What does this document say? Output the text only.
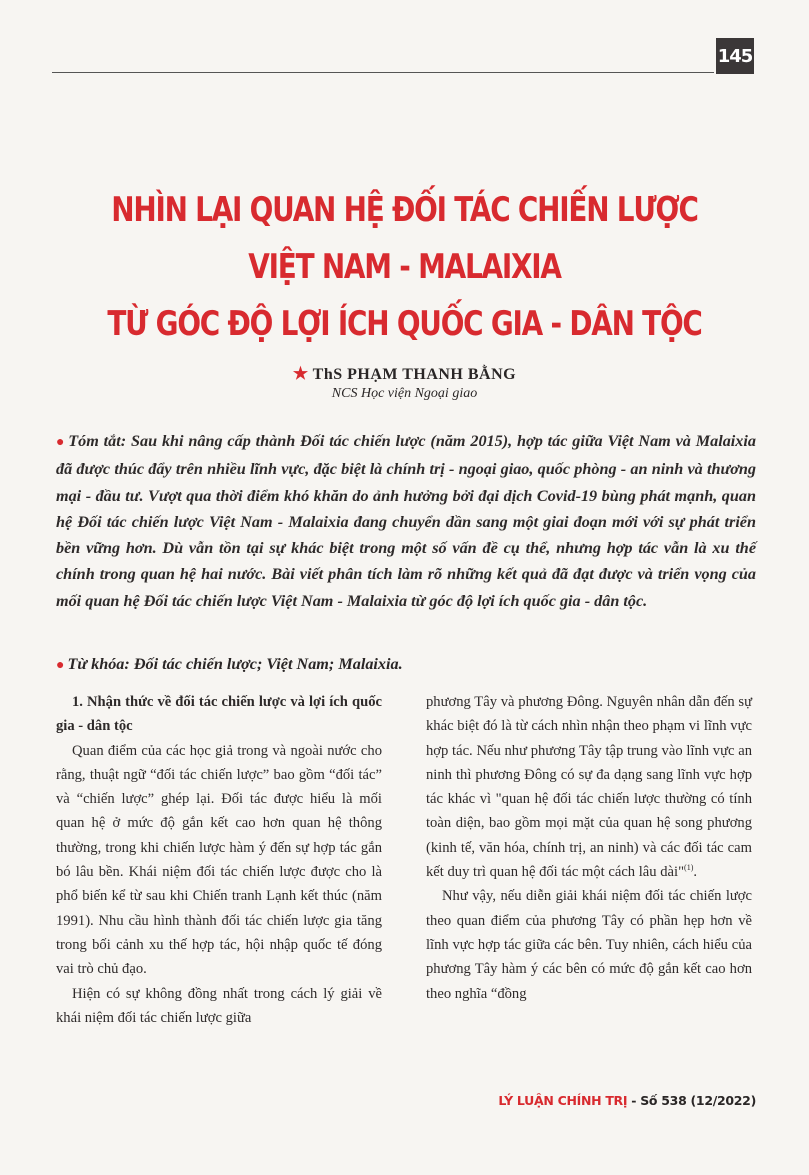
145
NHÌN LẠI QUAN HỆ ĐỐI TÁC CHIẾN LƯỢC
VIỆT NAM - MALAIXIA
TỪ GÓC ĐỘ LỢI ÍCH QUỐC GIA - DÂN TỘC
★ ThS PHẠM THANH BẰNG
NCS Học viện Ngoại giao

● Tóm tắt: Sau khi nâng cấp thành Đối tác chiến lược (năm 2015), hợp tác giữa Việt Nam và Malaixia đã được thúc đẩy trên nhiều lĩnh vực, đặc biệt là chính trị - ngoại giao, quốc phòng - an ninh và thương mại - đầu tư. Vượt qua thời điểm khó khăn do ảnh hưởng bởi đại dịch Covid-19 bùng phát mạnh, quan hệ Đối tác chiến lược Việt Nam - Malaixia đang chuyển dần sang một giai đoạn mới với sự phát triển bền vững hơn. Dù vẫn tồn tại sự khác biệt trong một số vấn đề cụ thể, nhưng hợp tác vẫn là xu thế chính trong quan hệ hai nước. Bài viết phân tích làm rõ những kết quả đã đạt được và triển vọng của mối quan hệ Đối tác chiến lược Việt Nam - Malaixia từ góc độ lợi ích quốc gia - dân tộc.

● Từ khóa: Đối tác chiến lược; Việt Nam; Malaixia.

1. Nhận thức về đối tác chiến lược và lợi ích quốc gia - dân tộc

Quan điểm của các học giả trong và ngoài nước cho rằng, thuật ngữ “đối tác chiến lược” bao gồm “đối tác” và “chiến lược” ghép lại. Đối tác được hiểu là mối quan hệ ở mức độ gắn kết cao hơn quan hệ thông thường, trong khi chiến lược hàm ý đến sự hợp tác gắn bó lâu bền. Khái niệm đối tác chiến lược được cho là phổ biến kể từ sau khi Chiến tranh Lạnh kết thúc (năm 1991). Nhu cầu hình thành đối tác chiến lược gia tăng trong bối cảnh xu thế hợp tác, hội nhập quốc tế đóng vai trò chủ đạo.

Hiện có sự không đồng nhất trong cách lý giải về khái niệm đối tác chiến lược giữa

phương Tây và phương Đông. Nguyên nhân dẫn đến sự khác biệt đó là từ cách nhìn nhận theo phạm vi lĩnh vực hợp tác. Nếu như phương Tây tập trung vào lĩnh vực an ninh thì phương Đông có sự đa dạng sang lĩnh vực hợp tác khác vì "quan hệ đối tác chiến lược thường có tính toàn diện, bao gồm mọi mặt của quan hệ song phương (kinh tế, văn hóa, chính trị, an ninh) và các đối tác cam kết duy trì quan hệ đối tác một cách lâu dài"$^{(1)}$.

Như vậy, nếu diễn giải khái niệm đối tác chiến lược theo quan điểm của phương Tây có phần hẹp hơn về lĩnh vực hợp tác giữa các bên. Tuy nhiên, cách hiểu của phương Tây hàm ý các bên có mức độ gắn kết cao hơn theo nghĩa “đồng

LÝ LUẬN CHÍNH TRỊ - Số 538 (12/2022)
